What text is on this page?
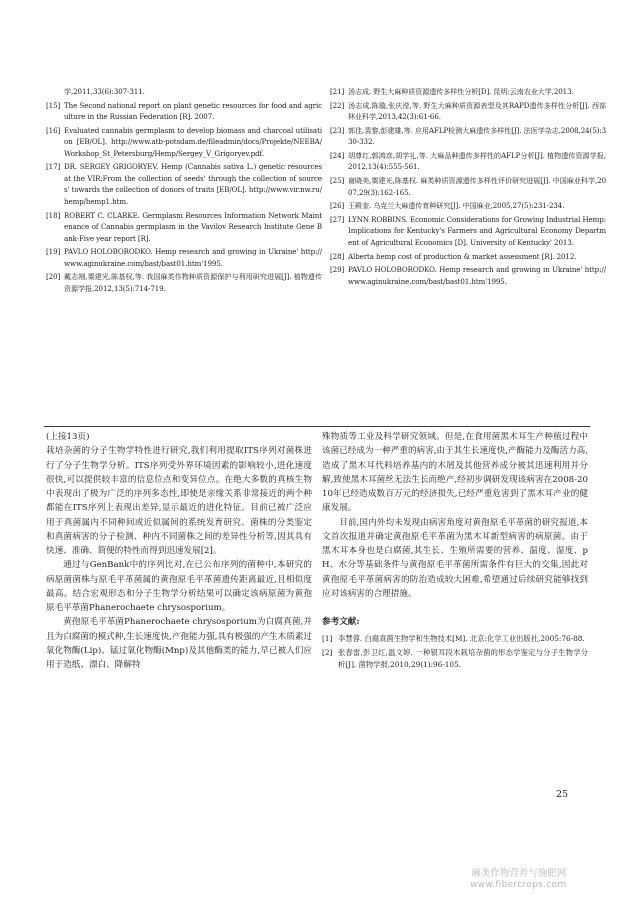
学,2011,33(6):307-311.
[15] The Second national report on plant genetic resources for food and agriculture in the Russian Federation [R]. 2007.
[16] Evaluated cannabis germplasm to develop biomass and charcoal utilisation [EB/OL]. http://www.atb-potsdam.de/fileadmin/docs/Projekte/NEEBA/Workshop_St_Petersburg/Hemp/Sergey_V_Grigoryev.pdf.
[17] DR. SERGEY GRIGORYEV. Hemp (Cannabis sativa L.) genetic resources at the VIR:From the collection of seeds' through the collection of sources' towards the collection of donors of traits [EB/OL]. http://www.vir.nw.ru/hemp/hemp1.htm.
[18] ROBERT C. CLARKE. Germplasm Resources Information Network Maintenance of Cannabis germplasm in the Vavilov Research Institute Gene Bank-Five year report [R].
[19] PAVLO HOLOBORODKO. Hemp research and growing in Ukraine' http://www.aginukraine.com/bast/bast01.htm'1995.
[20] 戴志刚,粟建光,陈基权,等. 我国麻类作物种质资源保护与利用研究进展[J]. 植物遗传资源学报,2012,13(5):714-719.
[21] 汤志成. 野生大麻种质资源遗传多样性分析[D]. 昆明:云南农业大学,2013.
[22] 汤志成,陈璇,张庆滢,等. 野生大麻种质资源表型及其RAPD遗传多样性分析[J]. 西部林业科学,2013,42(3):61-66.
[23] 郭佳,裴黎,彭建雄,等. 应用AFLP检测大麻遗传多样性[J]. 法医学杂志,2008,24(5):330-332.
[24] 胡尊红,郭鸿彦,胡学礼,等. 大麻品种遗传多样性的AFLP分析[J]. 植物遗传资源学报,2012,13(4):555-561.
[25] 谢晓美,粟建光,陈基权. 麻类种质资源遗传多样性评价研究进展[J]. 中国麻业科学,2007,29(3):162-165.
[26] 王殿奎. 乌克兰大麻遗传育种研究[J]. 中国麻业,2005,27(5):231-234.
[27] LYNN ROBBINS. Economic Considerations for Growing Industrial Hemp:Implications for Kentucky's Farmers and Agricultural Economy Department of Agricultural Economics [D]. University of Kentucky' 2013.
[28] Alberta hemp cost of production & market assessment [R]. 2012.
[29] PAVLO HOLOBORODKO. Hemp research and growing in Ukraine' http://www.aginukraine.com/bast/bast01.htm'1995.

(上接13页)

栽培杂菌的分子生物学特性进行研究,我们利用提取ITS序列对菌株进行了分子生物学分析。ITS序列受外界环境因素的影响较小,进化速度很快,可以提供较丰富的信息位点和变异位点。在绝大多数的真核生物中表现出了极为广泛的序列多态性,即使是亲缘关系非常接近的两个种都能在ITS序列上表现出差异,显示最近的进化特征。目前已被广泛应用于真菌属内不同种间或近似属间的系统发育研究、菌株的分类鉴定和真菌病害的分子检测、种内不同菌株之间的差异性分析等,因其具有快速、准确、简便的特性而得到迅速发展[2]。

通过与GenBank中的序列比对,在已公布序列的菌种中,本研究的病原菌菌株与原毛平革菌属的黄孢原毛平革菌遗传距离最近,且相似度最高。结合宏观形态和分子生物学分析结果可以确定该病原菌为黄孢原毛平革菌Phanerochaete chrysosporium。

黄孢原毛平革菌Phanerochaete chrysosporium为白腐真菌,并且为白腐菌的模式种,生长速度快,产孢能力强,具有极强的产生木质素过氧化物酶(Lip)、锰过氧化物酶(Mnp)及其他酶类的能力,早已被人们应用于造纸、漂白、降解特

殊物质等工业及科学研究领域。但是,在食用菌黑木耳生产种植过程中该菌已经成为一种严重的病害,由于其生长速度快,产酶能力及酶活力高,造成了黑木耳代料培养基内的木屑及其他营养成分被其迅速利用并分解,致使黑木耳菌丝无法生长而绝产,经初步调研发现该病害在2008-2010年已经造成数百万元的经济损失,已经严重危害到了黑木耳产业的健康发展。

目前,国内外均未发现由病害角度对黄孢原毛平革菌的研究报道,本文首次报道并确定黄孢原毛平革菌为黑木耳新型病害的病原菌。由于黑木耳本身也是白腐菌,其生长、生殖所需要的营养、温度、湿度、pH、水分等基础条件与黄孢原毛平革菌所需条件有巨大的交集,因此对黄孢原毛平革菌病害的防治造成较大困难,希望通过后续研究能够找到应对该病害的合理措施。

参考文献:
[1] 李慧蓉. 白腐真菌生物学和生物技术[M]. 北京:化学工业出版社,2005:76-88.
[2] 张春雷,彭卫红,温文婷. 一种银耳段木栽培杂菌的形态学鉴定与分子生物学分析[J]. 菌物学报,2010,29(1):96-105.
25
麻类作物营养与施肥网
www.fibercrops.com
